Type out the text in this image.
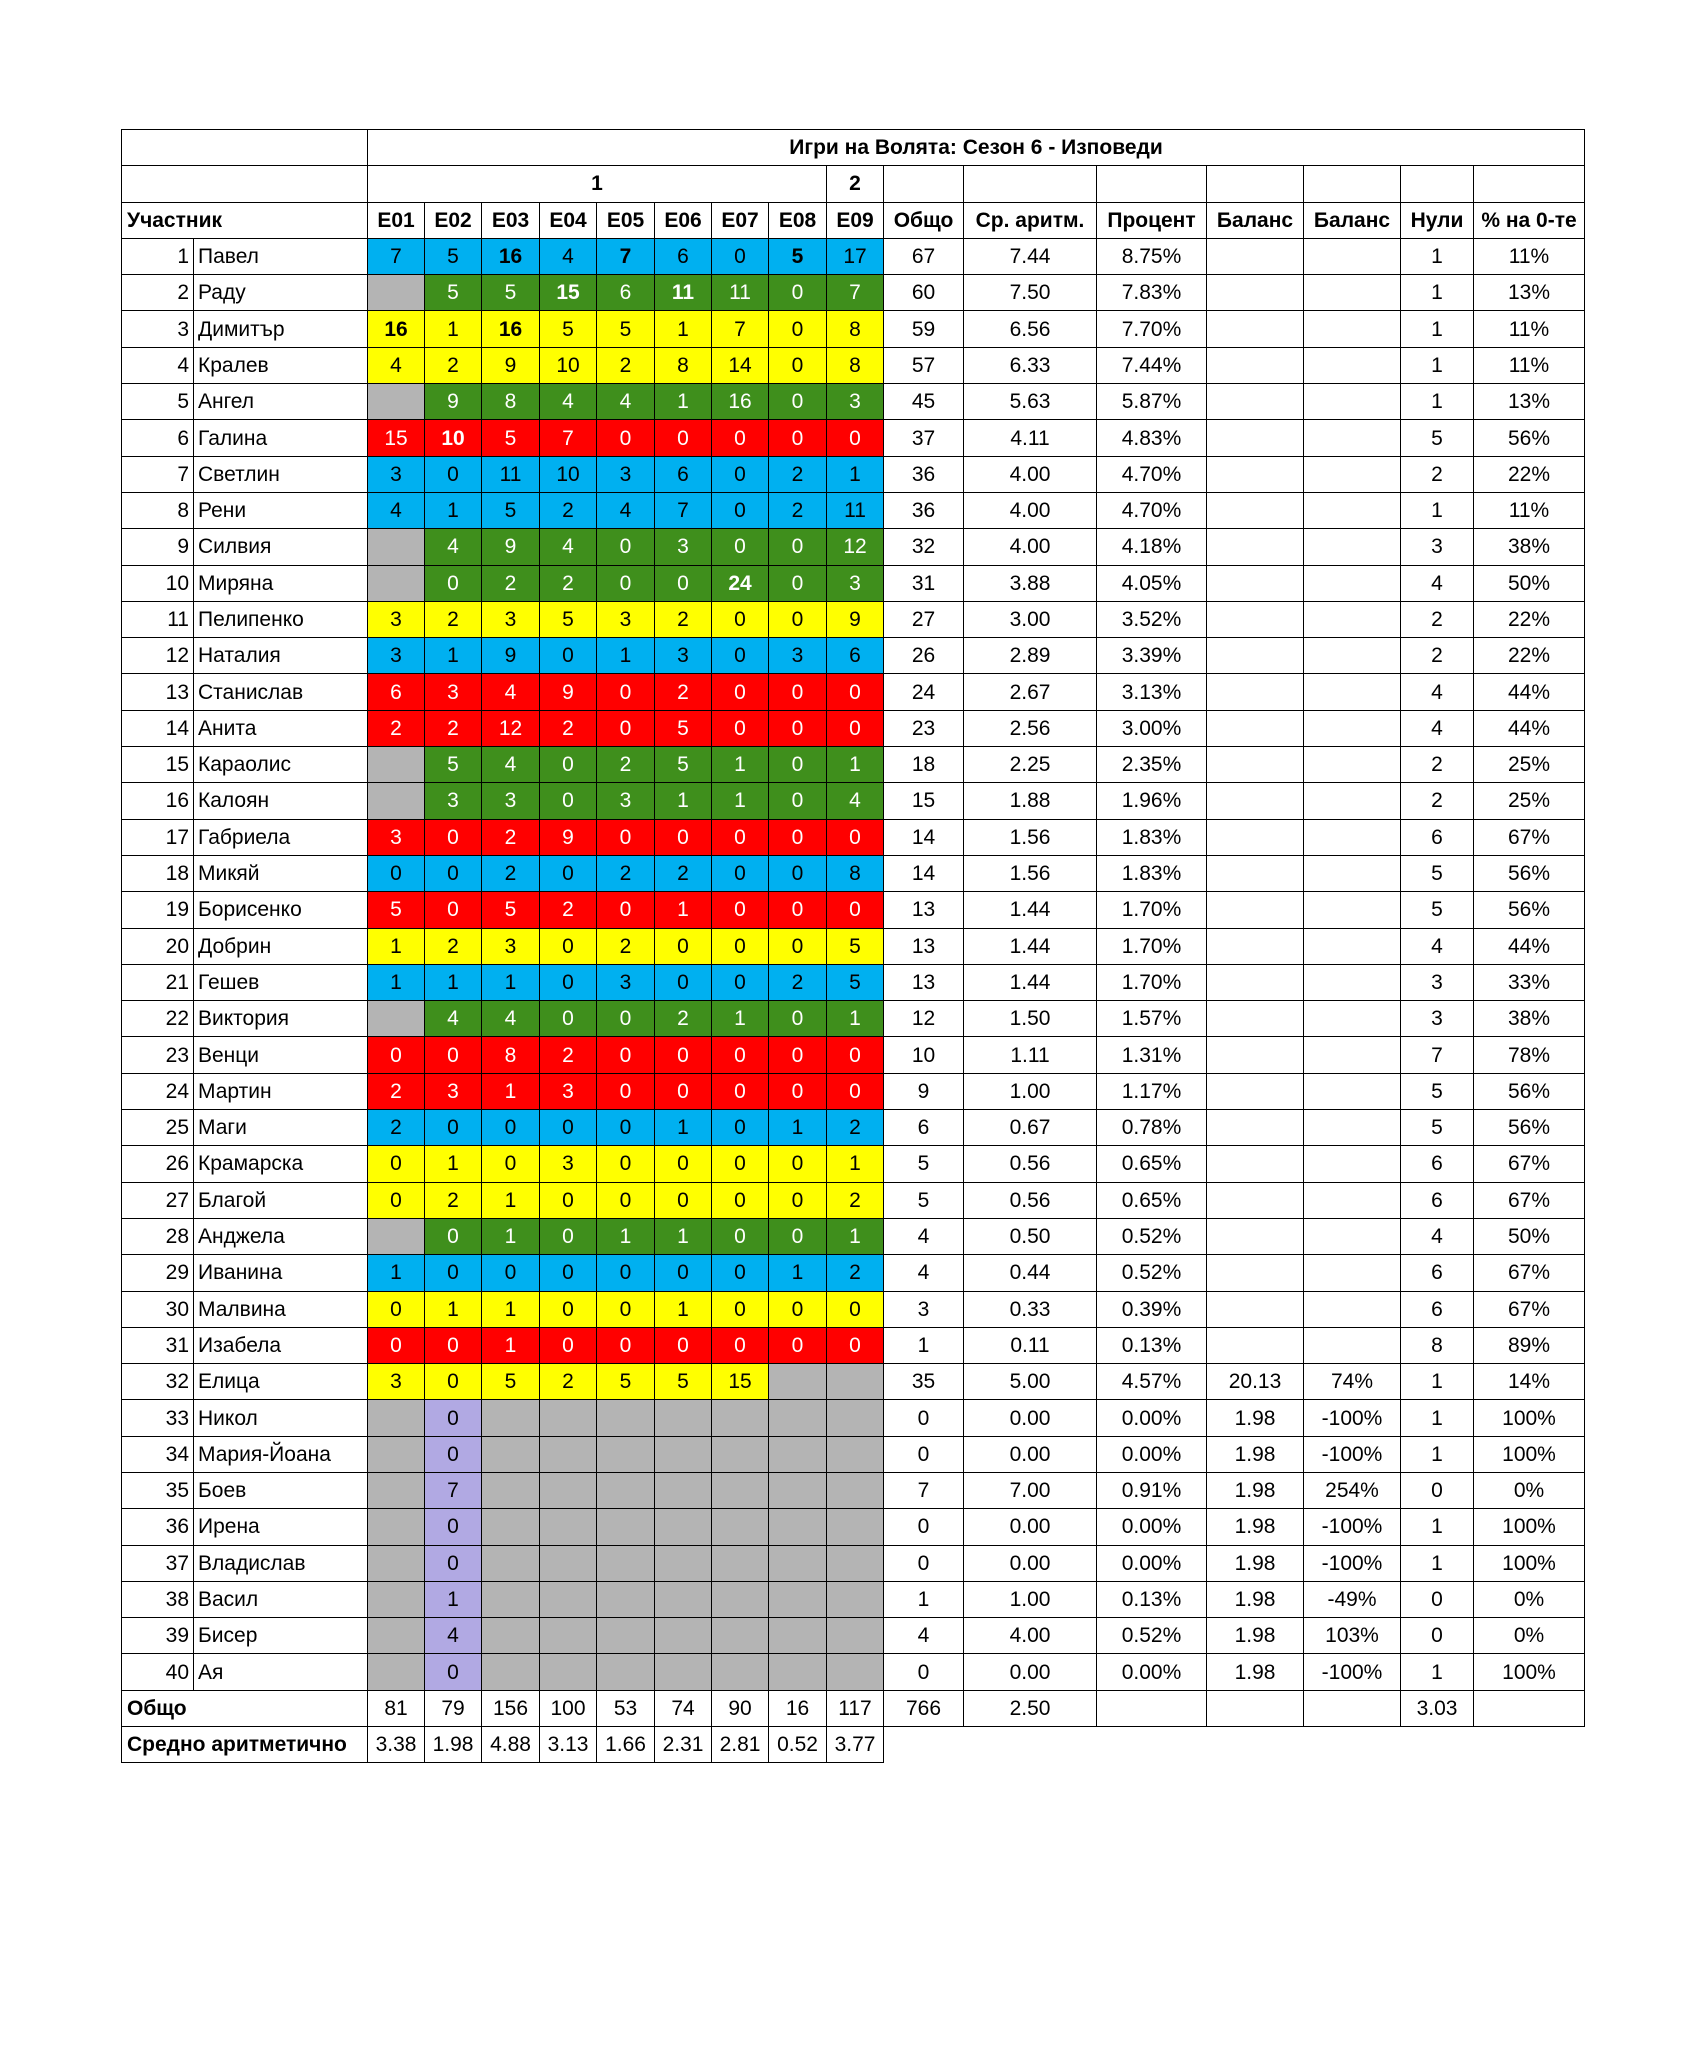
		Игри на Волята: Сезон 6 - Изповеди															
		1								2							
Участник		E01	E02	E03	E04	E05	E06	E07	E08	E09	Общо	Ср. аритм.	Процент	Баланс	Баланс	Нули	% на 0-те
1	Павел	7	5	16	4	7	6	0	5	17	67	7.44	8.75%			1	11%
2	Раду		5	5	15	6	11	11	0	7	60	7.50	7.83%			1	13%
3	Димитър	16	1	16	5	5	1	7	0	8	59	6.56	7.70%			1	11%
4	Кралев	4	2	9	10	2	8	14	0	8	57	6.33	7.44%			1	11%
5	Ангел		9	8	4	4	1	16	0	3	45	5.63	5.87%			1	13%
6	Галина	15	10	5	7	0	0	0	0	0	37	4.11	4.83%			5	56%
7	Светлин	3	0	11	10	3	6	0	2	1	36	4.00	4.70%			2	22%
8	Рени	4	1	5	2	4	7	0	2	11	36	4.00	4.70%			1	11%
9	Силвия		4	9	4	0	3	0	0	12	32	4.00	4.18%			3	38%
10	Миряна		0	2	2	0	0	24	0	3	31	3.88	4.05%			4	50%
11	Пелипенко	3	2	3	5	3	2	0	0	9	27	3.00	3.52%			2	22%
12	Наталия	3	1	9	0	1	3	0	3	6	26	2.89	3.39%			2	22%
13	Станислав	6	3	4	9	0	2	0	0	0	24	2.67	3.13%			4	44%
14	Анита	2	2	12	2	0	5	0	0	0	23	2.56	3.00%			4	44%
15	Караолис		5	4	0	2	5	1	0	1	18	2.25	2.35%			2	25%
16	Калоян		3	3	0	3	1	1	0	4	15	1.88	1.96%			2	25%
17	Габриела	3	0	2	9	0	0	0	0	0	14	1.56	1.83%			6	67%
18	Микяй	0	0	2	0	2	2	0	0	8	14	1.56	1.83%			5	56%
19	Борисенко	5	0	5	2	0	1	0	0	0	13	1.44	1.70%			5	56%
20	Добрин	1	2	3	0	2	0	0	0	5	13	1.44	1.70%			4	44%
21	Гешев	1	1	1	0	3	0	0	2	5	13	1.44	1.70%			3	33%
22	Виктория		4	4	0	0	2	1	0	1	12	1.50	1.57%			3	38%
23	Венци	0	0	8	2	0	0	0	0	0	10	1.11	1.31%			7	78%
24	Мартин	2	3	1	3	0	0	0	0	0	9	1.00	1.17%			5	56%
25	Маги	2	0	0	0	0	1	0	1	2	6	0.67	0.78%			5	56%
26	Крамарска	0	1	0	3	0	0	0	0	1	5	0.56	0.65%			6	67%
27	Благой	0	2	1	0	0	0	0	0	2	5	0.56	0.65%			6	67%
28	Анджела		0	1	0	1	1	0	0	1	4	0.50	0.52%			4	50%
29	Иванина	1	0	0	0	0	0	0	1	2	4	0.44	0.52%			6	67%
30	Малвина	0	1	1	0	0	1	0	0	0	3	0.33	0.39%			6	67%
31	Изабела	0	0	1	0	0	0	0	0	0	1	0.11	0.13%			8	89%
32	Елица	3	0	5	2	5	5	15			35	5.00	4.57%	20.13	74%	1	14%
33	Никол		0								0	0.00	0.00%	1.98	-100%	1	100%
34	Мария-Йоана		0								0	0.00	0.00%	1.98	-100%	1	100%
35	Боев		7								7	7.00	0.91%	1.98	254%	0	0%
36	Ирена		0								0	0.00	0.00%	1.98	-100%	1	100%
37	Владислав		0								0	0.00	0.00%	1.98	-100%	1	100%
38	Васил		1								1	1.00	0.13%	1.98	-49%	0	0%
39	Бисер		4								4	4.00	0.52%	1.98	103%	0	0%
40	Ая		0								0	0.00	0.00%	1.98	-100%	1	100%
Общо		81	79	156	100	53	74	90	16	117	766	2.50				3.03	
Средно аритметично		3.38	1.98	4.88	3.13	1.66	2.31	2.81	0.52	3.77							
